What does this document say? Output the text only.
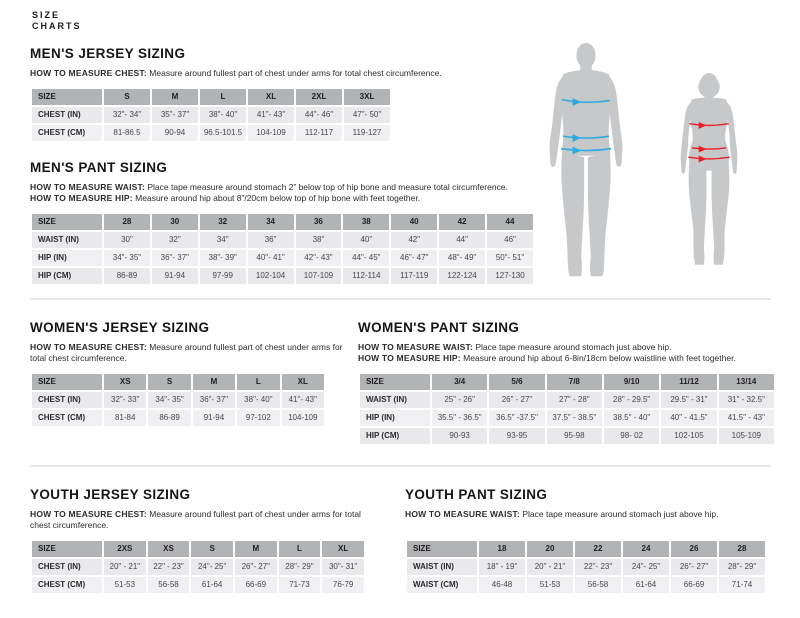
SIZE
CHARTS
MEN'S JERSEY SIZING
HOW TO MEASURE CHEST: Measure around fullest part of chest under arms for total chest circumference.
SIZE	S	M	L	XL	2XL	3XL
CHEST (IN)	32"- 34"	35"- 37"	38"- 40"	41"- 43"	44"- 46"	47"- 50"
CHEST (CM)	81-86.5	90-94	96.5-101.5	104-109	112-117	119-127
MEN'S PANT SIZING
HOW TO MEASURE WAIST: Place tape measure around stomach 2” below top of hip bone and measure total circumference.
HOW TO MEASURE HIP: Measure around hip about 8”/20cm below top of hip bone with feet together.
SIZE	28	30	32	34	36	38	40	42	44
WAIST (IN)	30"	32"	34"	36"	38"	40"	42"	44"	46"
HIP (IN)	34"- 35"	36"- 37"	38"- 39"	40"- 41"	42"- 43"	44"- 45"	46"- 47"	48"- 49"	50"- 51"
HIP (CM)	86-89	91-94	97-99	102-104	107-109	112-114	117-119	122-124	127-130
WOMEN'S JERSEY SIZING
HOW TO MEASURE CHEST: Measure around fullest part of chest under arms for total chest circumference.
SIZE	XS	S	M	L	XL
CHEST (IN)	32"- 33"	34"- 35"	36"- 37"	38"- 40"	41"- 43"
CHEST (CM)	81-84	86-89	91-94	97-102	104-109
WOMEN'S PANT SIZING
HOW TO MEASURE WAIST: Place tape measure around stomach just above hip.
HOW TO MEASURE HIP: Measure around hip about 6-8in/18cm below waistline with feet together.
SIZE	3/4	5/6	7/8	9/10	11/12	13/14
WAIST (IN)	25" - 26"	26" - 27"	27" - 28"	28" - 29.5"	29.5" - 31"	31" - 32.5"
HIP (IN)	35.5" - 36.5"	36.5" -37.5"	37.5" - 38.5"	38.5" - 40"	40" - 41.5"	41.5" - 43"
HIP (CM)	90-93	93-95	95-98	98- 02	102-105	105-109
YOUTH JERSEY SIZING
HOW TO MEASURE CHEST: Measure around fullest part of chest under arms for total chest circumference.
SIZE	2XS	XS	S	M	L	XL
CHEST (IN)	20" - 21"	22" - 23"	24"- 25"	26"- 27"	28"- 29"	30"- 31"
CHEST (CM)	51-53	56-58	61-64	66-69	71-73	76-79
YOUTH PANT SIZING
HOW TO MEASURE WAIST: Place tape measure around stomach just above hip.
SIZE	18	20	22	24	26	28
WAIST (IN)	18" - 19"	20" - 21"	22"- 23"	24"- 25"	26"- 27"	28"- 29"
WAIST (CM)	46-48	51-53	56-58	61-64	66-69	71-74
